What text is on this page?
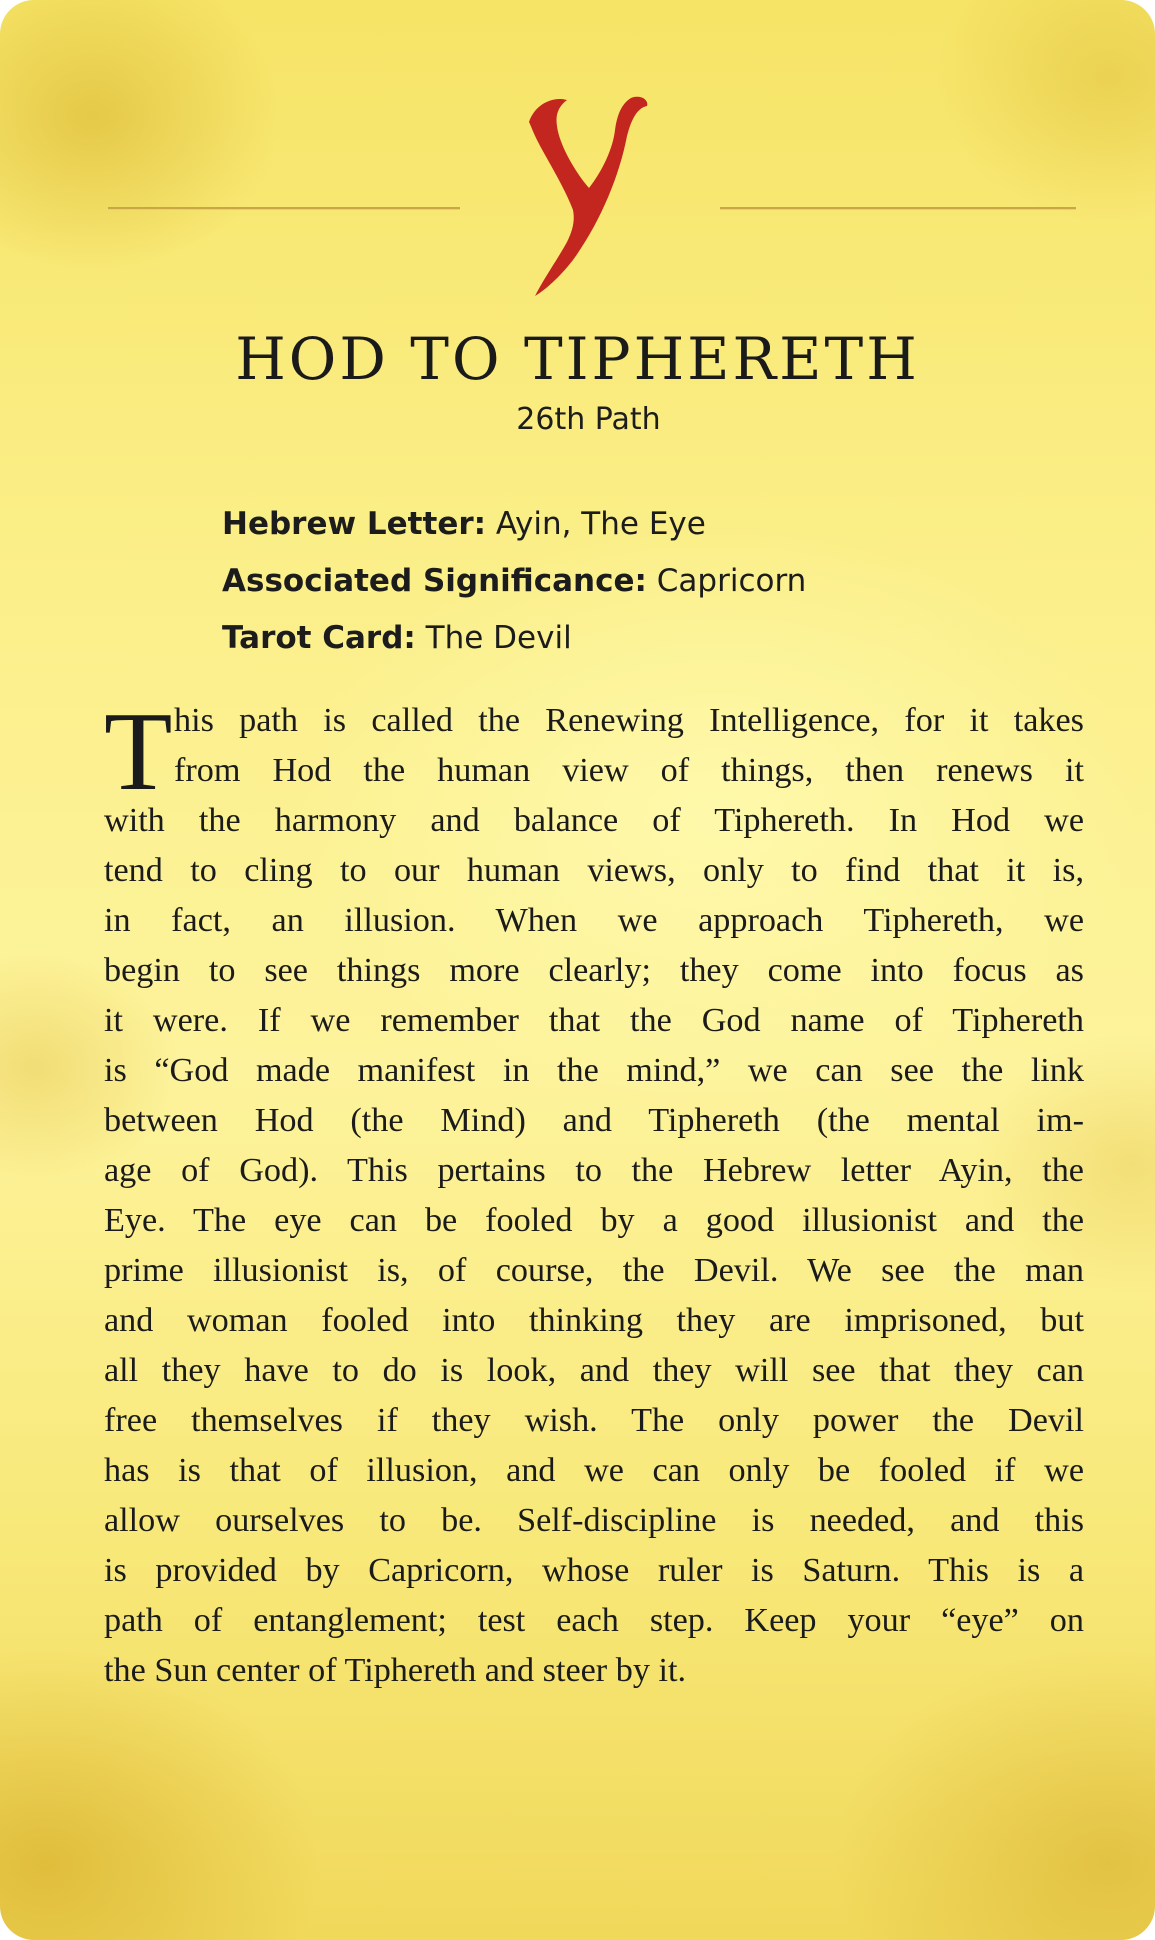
HOD TO TIPHERETH
26th Path
Hebrew Letter: Ayin, The Eye
Associated Significance: Capricorn
Tarot Card: The Devil
T his path is called the Renewing Intelligence, for it takes
from Hod the human view of things, then renews it
with the harmony and balance of Tiphereth. In Hod we
tend to cling to our human views, only to find that it is,
in fact, an illusion. When we approach Tiphereth, we
begin to see things more clearly; they come into focus as
it were. If we remember that the God name of Tiphereth
is “God made manifest in the mind,” we can see the link
between Hod (the Mind) and Tiphereth (the mental im-
age of God). This pertains to the Hebrew letter Ayin, the
Eye. The eye can be fooled by a good illusionist and the
prime illusionist is, of course, the Devil. We see the man
and woman fooled into thinking they are imprisoned, but
all they have to do is look, and they will see that they can
free themselves if they wish. The only power the Devil
has is that of illusion, and we can only be fooled if we
allow ourselves to be. Self-discipline is needed, and this
is provided by Capricorn, whose ruler is Saturn. This is a
path of entanglement; test each step. Keep your “eye” on
the Sun center of Tiphereth and steer by it.
